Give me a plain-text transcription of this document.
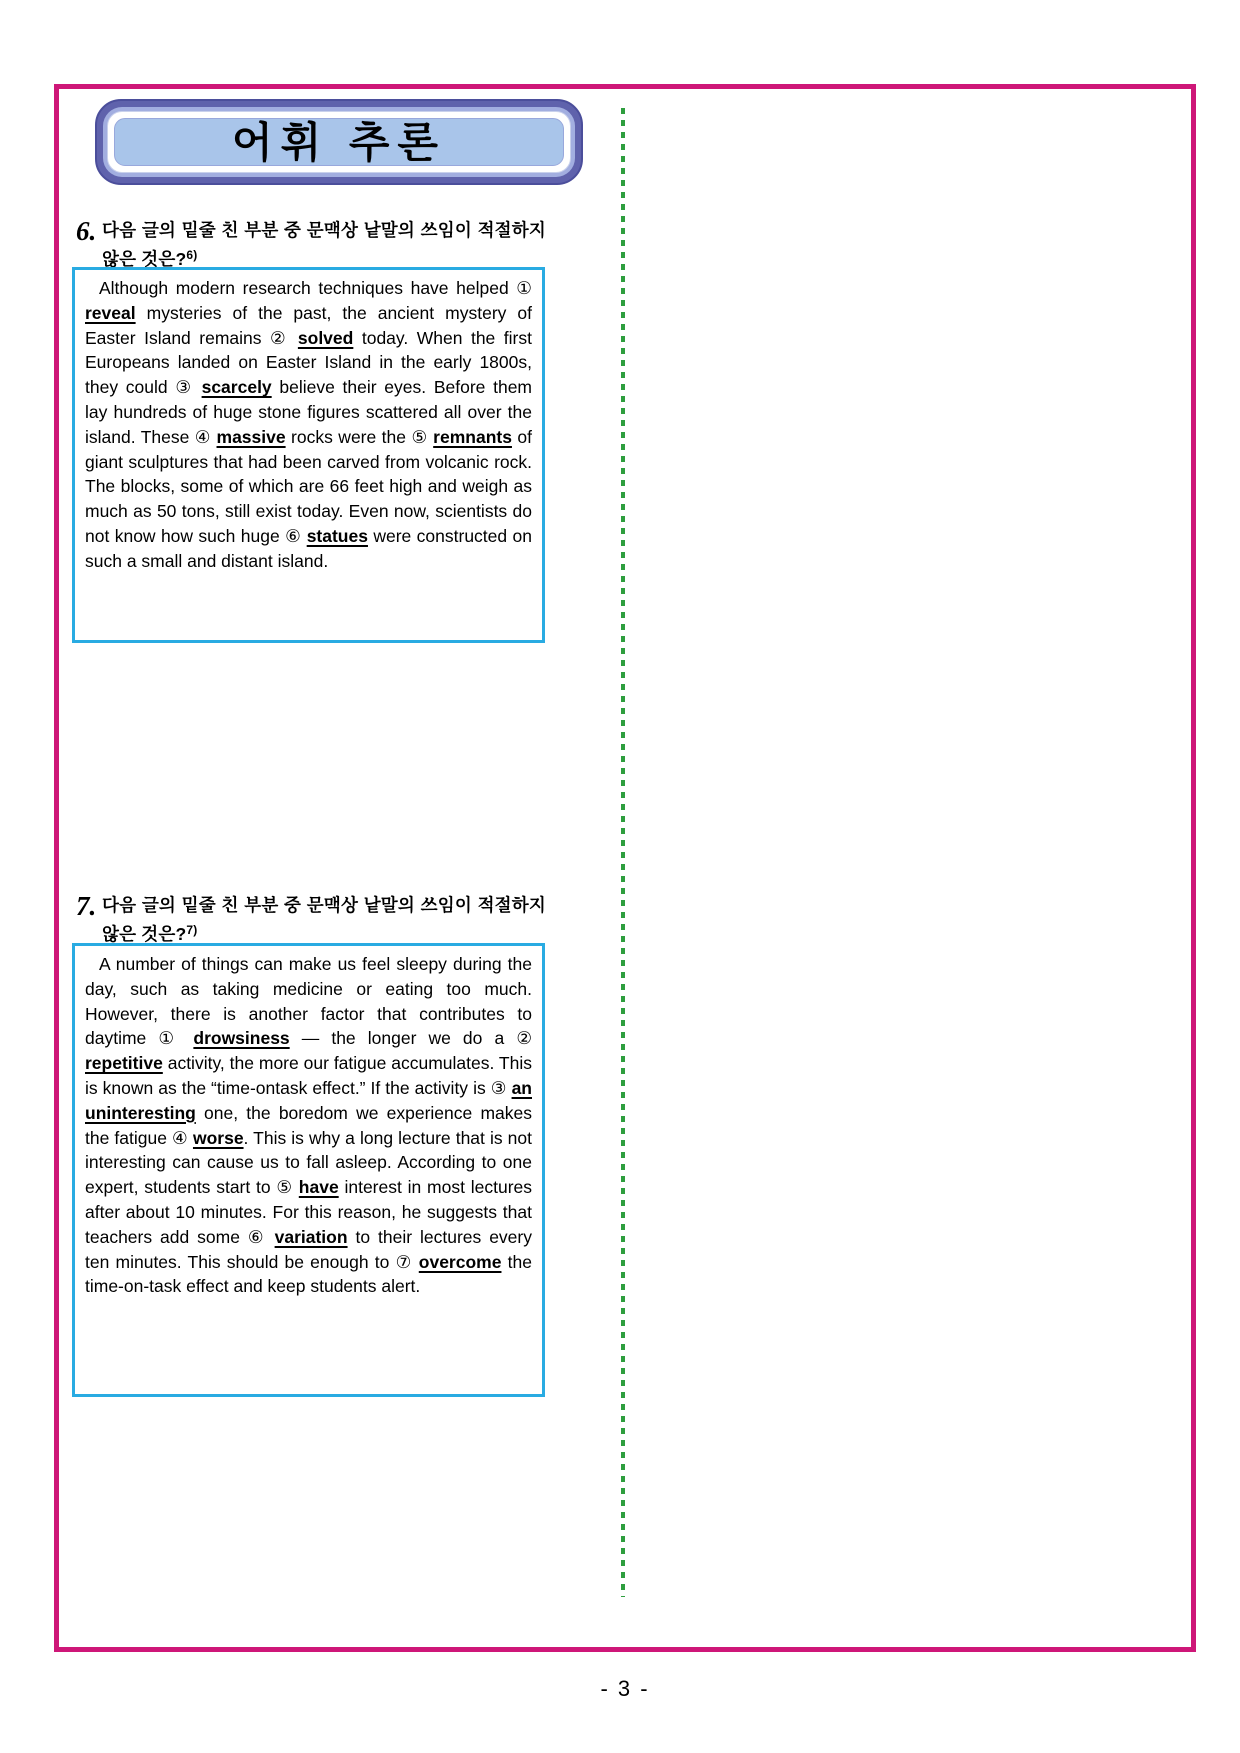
어휘 추론
6. 다음 글의 밑줄 친 부분 중 문맥상 낱말의 쓰임이 적절하지 않은 것은?$^{6)}$

Although modern research techniques have helped ① reveal mysteries of the past, the ancient mystery of Easter Island remains ② solved today. When the first Europeans landed on Easter Island in the early 1800s, they could ③ scarcely believe their eyes. Before them lay hundreds of huge stone figures scattered all over the island. These ④ massive rocks were the ⑤ remnants of giant sculptures that had been carved from volcanic rock. The blocks, some of which are 66 feet high and weigh as much as 50 tons, still exist today. Even now, scientists do not know how such huge ⑥ statues were constructed on such a small and distant island.

7. 다음 글의 밑줄 친 부분 중 문맥상 낱말의 쓰임이 적절하지 않은 것은?$^{7)}$

A number of things can make us feel sleepy during the day, such as taking medicine or eating too much. However, there is another factor that contributes to daytime ① drowsiness — the longer we do a ② repetitive activity, the more our fatigue accumulates. This is known as the “time-ontask effect.” If the activity is ③ an uninteresting one, the boredom we experience makes the fatigue ④ worse. This is why a long lecture that is not interesting can cause us to fall asleep. According to one expert, students start to ⑤ have interest in most lectures after about 10 minutes. For this reason, he suggests that teachers add some ⑥ variation to their lectures every ten minutes. This should be enough to ⑦ overcome the time-on-task effect and keep students alert.

- 3 -
